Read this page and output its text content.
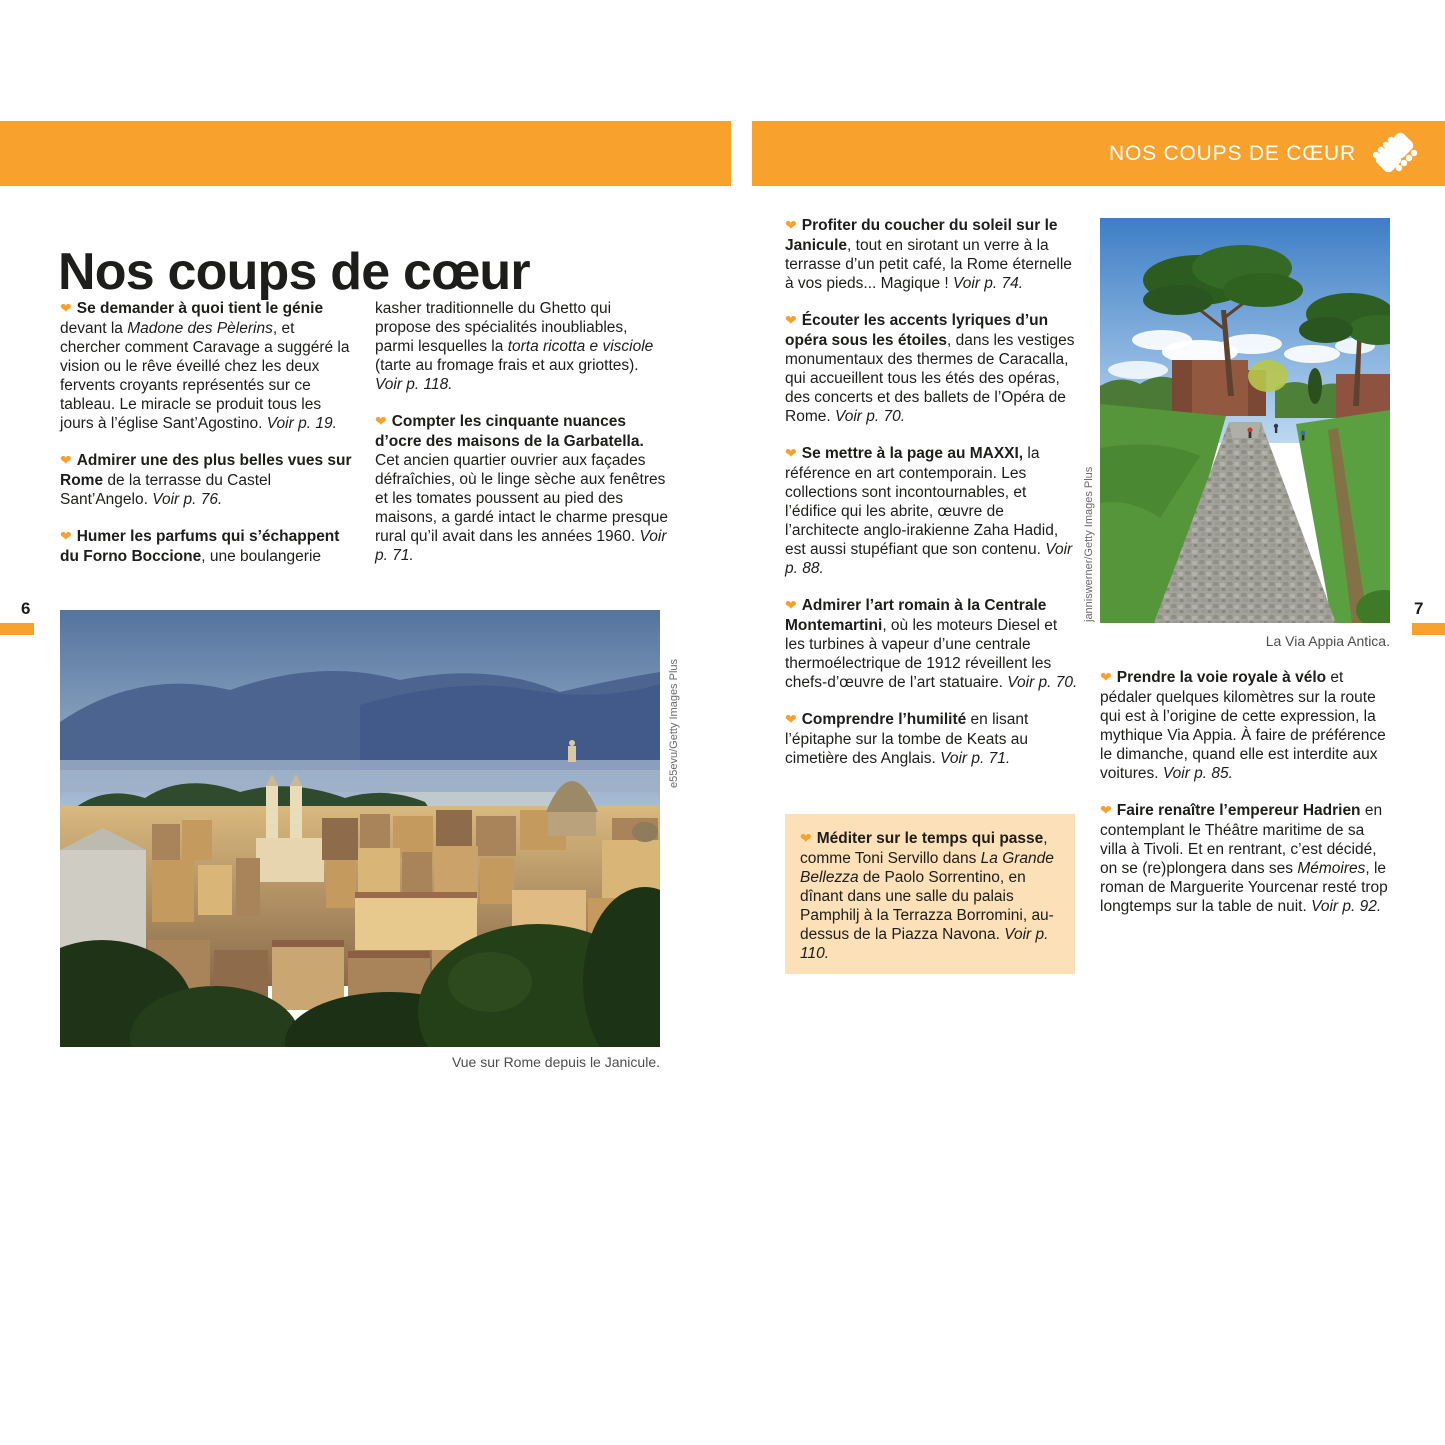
NOS COUPS DE CŒUR
Nos coups de cœur
❤ Se demander à quoi tient le génie devant la Madone des Pèlerins, et chercher comment Caravage a suggéré la vision ou le rêve éveillé chez les deux fervents croyants représentés sur ce tableau. Le miracle se produit tous les jours à l’église Sant’Agostino. Voir p. 19.
❤ Admirer une des plus belles vues sur Rome de la terrasse du Castel Sant’Angelo. Voir p. 76.
❤ Humer les parfums qui s’échappent du Forno Boccione, une boulangerie
kasher traditionnelle du Ghetto qui propose des spécialités inoubliables, parmi lesquelles la torta ricotta e visciole (tarte au fromage frais et aux griottes). Voir p. 118.
❤ Compter les cinquante nuances d’ocre des maisons de la Garbatella. Cet ancien quartier ouvrier aux façades défraîchies, où le linge sèche aux fenêtres et les tomates poussent au pied des maisons, a gardé intact le charme presque rural qu’il avait dans les années 1960. Voir p. 71.
e55evu/Getty Images Plus
Vue sur Rome depuis le Janicule.
6
❤ Profiter du coucher du soleil sur le Janicule, tout en sirotant un verre à la terrasse d’un petit café, la Rome éternelle à vos pieds... Magique ! Voir p. 74.
❤ Écouter les accents lyriques d’un opéra sous les étoiles, dans les vestiges monumentaux des thermes de Caracalla, qui accueillent tous les étés des opéras, des concerts et des ballets de l’Opéra de Rome. Voir p. 70.
❤ Se mettre à la page au MAXXI, la référence en art contemporain. Les collections sont incontournables, et l’édifice qui les abrite, œuvre de l’architecte anglo-irakienne Zaha Hadid, est aussi stupéfiant que son contenu. Voir p. 88.
❤ Admirer l’art romain à la Centrale Montemartini, où les moteurs Diesel et les turbines à vapeur d’une centrale thermoélectrique de 1912 réveillent les chefs-d’œuvre de l’art statuaire. Voir p. 70.
❤ Comprendre l’humilité en lisant l’épitaphe sur la tombe de Keats au cimetière des Anglais. Voir p. 71.
❤ Méditer sur le temps qui passe, comme Toni Servillo dans La Grande Bellezza de Paolo Sorrentino, en dînant dans une salle du palais Pamphilj à la Terrazza Borromini, au-dessus de la Piazza Navona. Voir p. 110.
janniswerner/Getty Images Plus
La Via Appia Antica.
❤ Prendre la voie royale à vélo et pédaler quelques kilomètres sur la route qui est à l’origine de cette expression, la mythique Via Appia. À faire de préférence le dimanche, quand elle est interdite aux voitures. Voir p. 85.
❤ Faire renaître l’empereur Hadrien en contemplant le Théâtre maritime de sa villa à Tivoli. Et en rentrant, c’est décidé, on se (re)plongera dans ses Mémoires, le roman de Marguerite Yourcenar resté trop longtemps sur la table de nuit. Voir p. 92.
7
